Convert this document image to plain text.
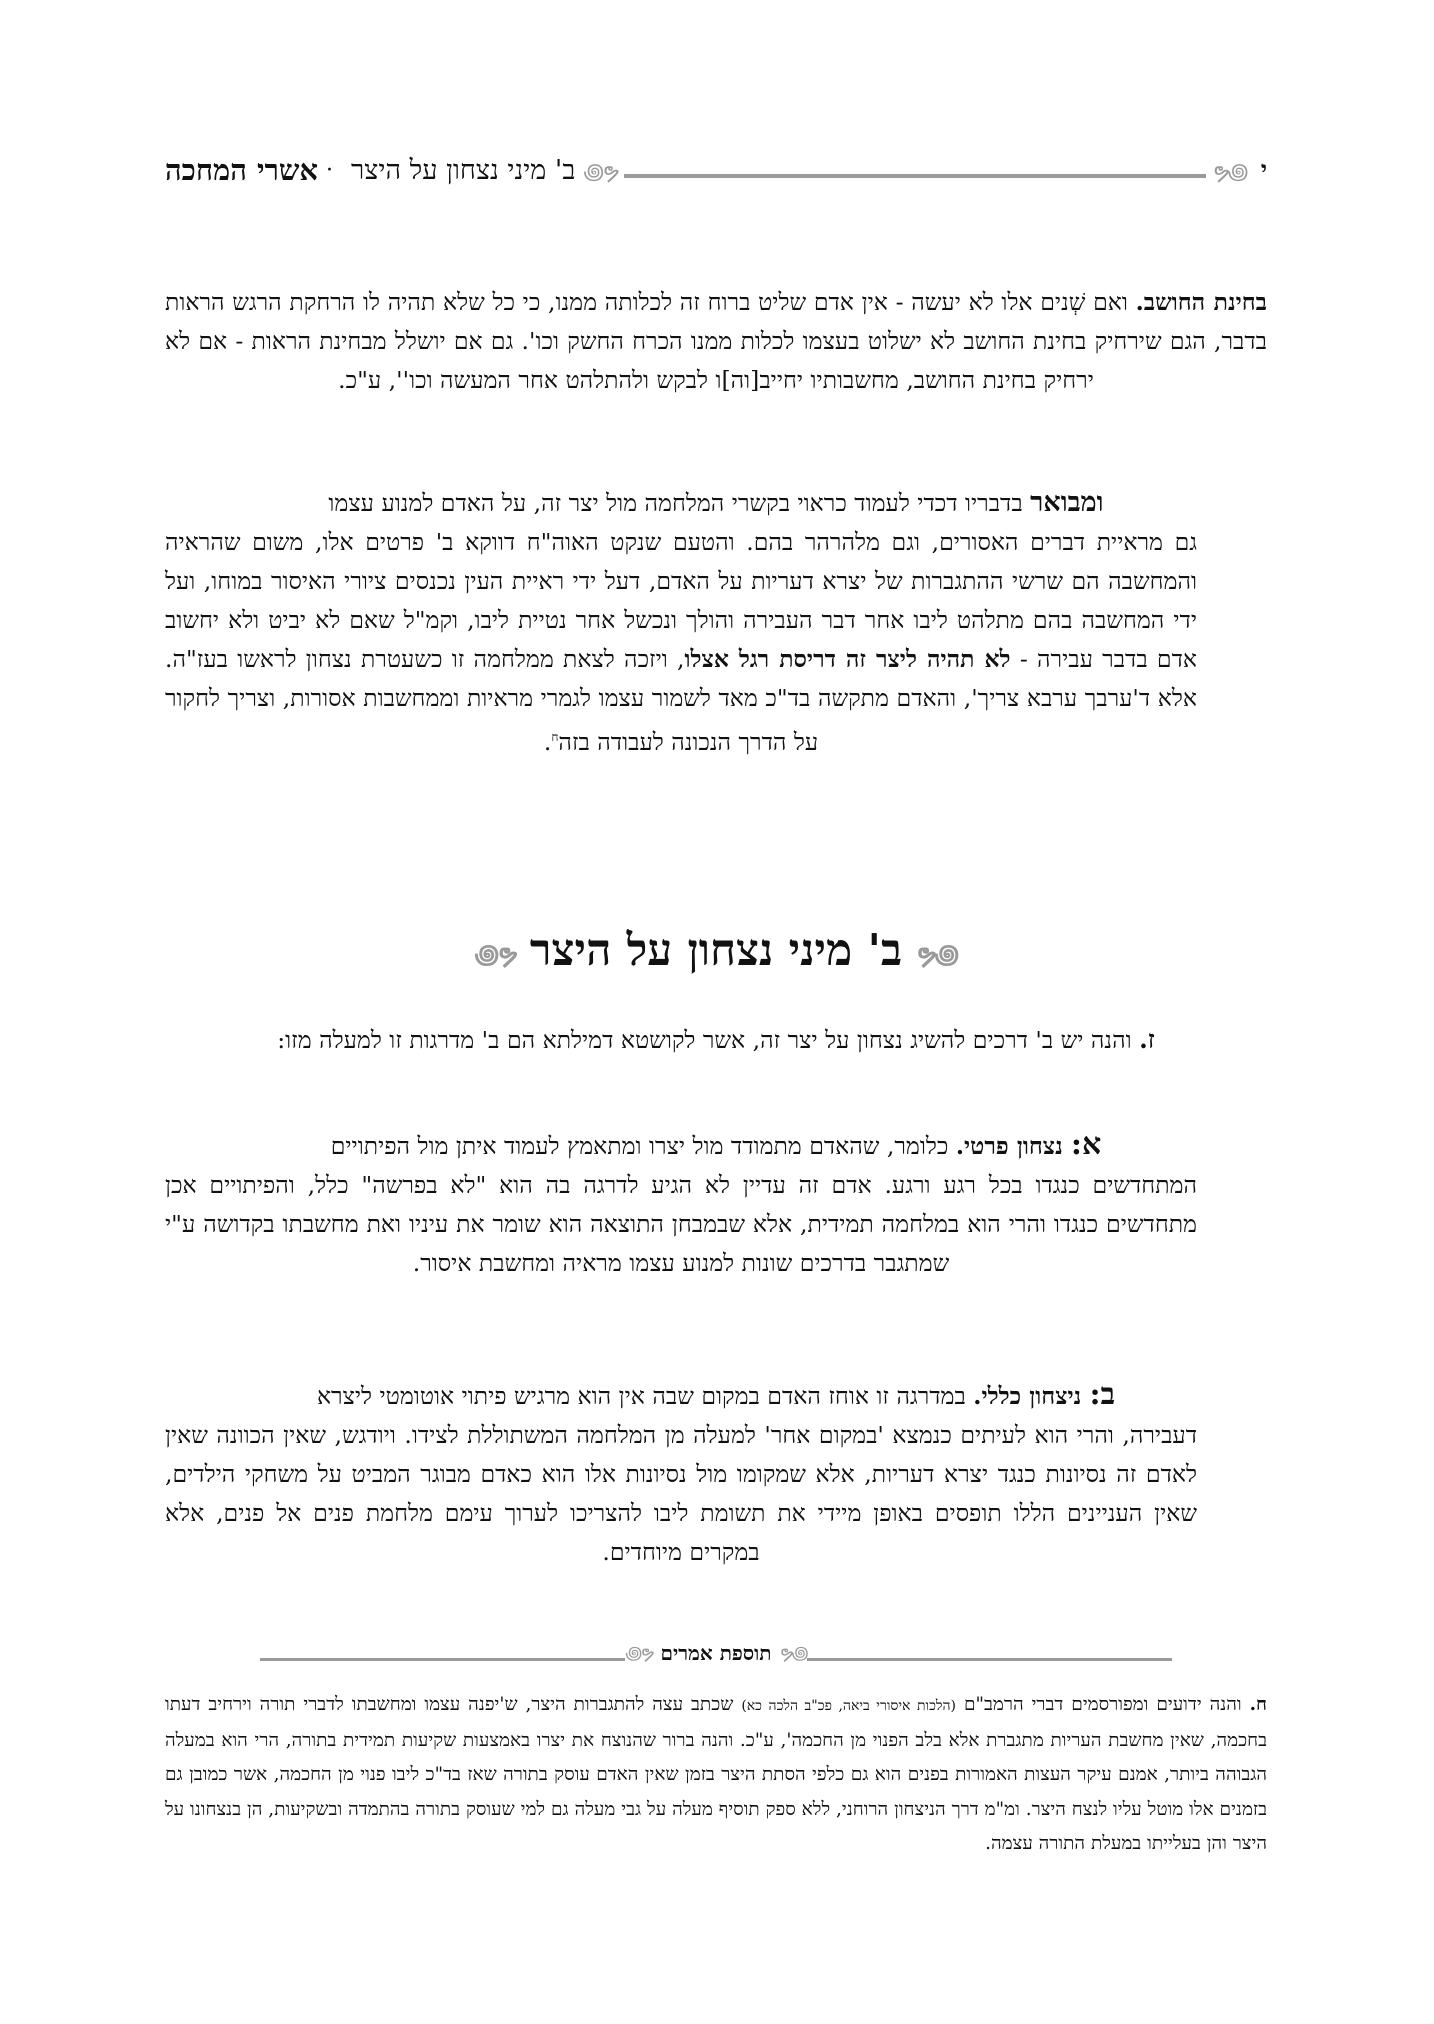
י
ຯ꩜
꩜ຯ
ב' מיני נצחון על היצר
·
אשרי המחכה

בחינת החושב. ואם שְׁנים אלו לא יעשה - אין אדם שליט ברוח זה לכלותה ממנו, כי כל שלא תהיה לו הרחקת הרגש הראות בדבר, הגם שירחיק בחינת החושב לא ישלוט בעצמו לכלות ממנו הכרח החשק וכו'. גם אם יושלל מבחינת הראות - אם לא ירחיק בחינת החושב, מחשבותיו יחייב[וה]ו לבקש ולהתלהט אחר המעשה וכו'', ע"כ.

ומבואר בדבריו דכדי לעמוד כראוי בקשרי המלחמה מול יצר זה, על האדם למנוע עצמו
גם מראיית דברים האסורים, וגם מלהרהר בהם. והטעם שנקט האוה"ח דווקא ב' פרטים אלו, משום שהראיה והמחשבה הם שרשי ההתגברות של יצרא דעריות על האדם, דעל ידי ראיית העין נכנסים ציורי האיסור במוחו, ועל ידי המחשבה בהם מתלהט ליבו אחר דבר העבירה והולך ונכשל אחר נטיית ליבו, וקמ"ל שאם לא יביט ולא יחשוב אדם בדבר עבירה - לא תהיה ליצר זה דריסת רגל אצלו, ויזכה לצאת ממלחמה זו כשעטרת נצחון לראשו בעז"ה. אלא ד'ערבך ערבא צריך', והאדם מתקשה בד"כ מאד לשמור עצמו לגמרי מראיות וממחשבות אסורות, וצריך לחקור על הדרך הנכונה לעבודה בזה$^ח$.

ຯ꩜ב' מיני נצחון על היצר꩜ຯ

ז. והנה יש ב' דרכים להשיג נצחון על יצר זה, אשר לקושטא דמילתא הם ב' מדרגות זו למעלה מזו:

א: נצחון פרטי. כלומר, שהאדם מתמודד מול יצרו ומתאמץ לעמוד איתן מול הפיתויים
המתחדשים כנגדו בכל רגע ורגע. אדם זה עדיין לא הגיע לדרגה בה הוא "לא בפרשה" כלל, והפיתויים אכן מתחדשים כנגדו והרי הוא במלחמה תמידית, אלא שבמבחן התוצאה הוא שומר את עיניו ואת מחשבתו בקדושה ע"י שמתגבר בדרכים שונות למנוע עצמו מראיה ומחשבת איסור.

ב: ניצחון כללי. במדרגה זו אוחז האדם במקום שבה אין הוא מרגיש פיתוי אוטומטי ליצרא
דעבירה, והרי הוא לעיתים כנמצא 'במקום אחר' למעלה מן המלחמה המשתוללת לצידו. ויודגש, שאין הכוונה שאין לאדם זה נסיונות כנגד יצרא דעריות, אלא שמקומו מול נסיונות אלו הוא כאדם מבוגר המביט על משחקי הילדים, שאין העניינים הללו תופסים באופן מיידי את תשומת ליבו להצריכו לערוך עימם מלחמת פנים אל פנים, אלא במקרים מיוחדים.

ຯ꩜
תוספת אמרים
꩜ຯ

ח. והנה ידועים ומפורסמים דברי הרמב"ם (הלכות איסורי ביאה, פכ"ב הלכה כא) שכתב עצה להתגברות היצר, ש'יפנה עצמו ומחשבתו לדברי תורה וירחיב דעתו בחכמה, שאין מחשבת העריות מתגברת אלא בלב הפנוי מן החכמה', ע"כ. והנה ברור שהנוצח את יצרו באמצעות שקיעות תמידית בתורה, הרי הוא במעלה הגבוהה ביותר, אמנם עיקר העצות האמורות בפנים הוא גם כלפי הסתת היצר בזמן שאין האדם עוסק בתורה שאז בד"כ ליבו פנוי מן החכמה, אשר כמובן גם בזמנים אלו מוטל עליו לנצח היצר. ומ"מ דרך הניצחון הרוחני, ללא ספק תוסיף מעלה על גבי מעלה גם למי שעוסק בתורה בהתמדה ובשקיעות, הן בנצחונו על היצר והן בעלייתו במעלת התורה עצמה.
